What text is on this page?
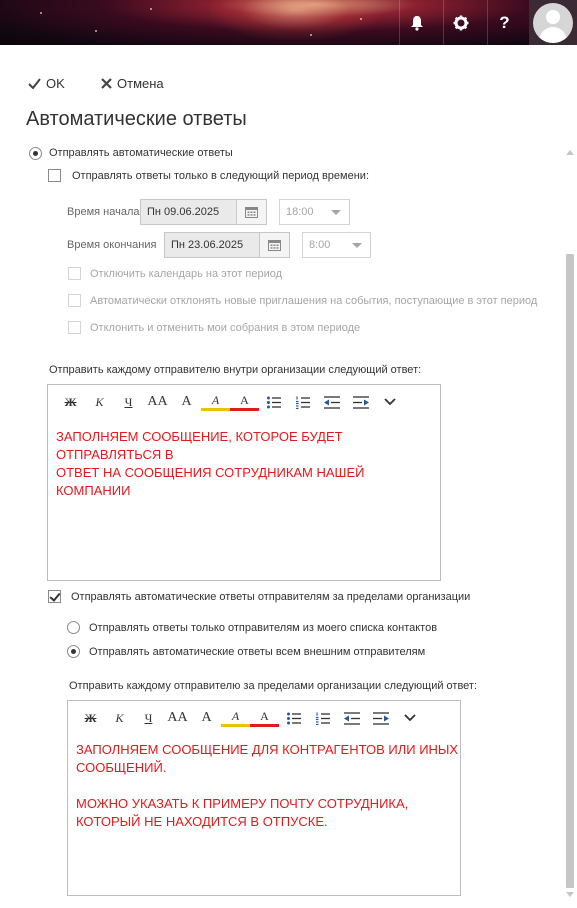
?
OK	Отмена
Автоматические ответы
Отправлять автоматические ответы
Отправлять ответы только в следующий период времени:
Время начала Пн 09.06.2025	18:00
Время окончания Пн 23.06.2025	8:00
Отключить календарь на этот период
Автоматически отклонять новые приглашения на события, поступающие в этот период
Отклонить и отменить мои собрания в этом периоде
Отправить каждому отправителю внутри организации следующий ответ:
Ж	К	Ч	AA A	A	A

ЗАПОЛНЯЕМ СООБЩЕНИЕ, КОТОРОЕ БУДЕТ ОТПРАВЛЯТЬСЯ В

ОТВЕТ НА СООБЩЕНИЯ СОТРУДНИКАМ НАШЕЙ КОМПАНИИ

Отправлять автоматические ответы отправителям за пределами организации
Отправлять ответы только отправителям из моего списка контактов
Отправлять автоматические ответы всем внешним отправителям
Отправить каждому отправителю за пределами организации следующий ответ:
Ж	К	Ч	AA A	A	A

ЗАПОЛНЯЕМ СООБЩЕНИЕ ДЛЯ КОНТРАГЕНТОВ ИЛИ ИНЫХ

СООБЩЕНИЙ.

МОЖНО УКАЗАТЬ К ПРИМЕРУ ПОЧТУ СОТРУДНИКА,

КОТОРЫЙ НЕ НАХОДИТСЯ В ОТПУСКЕ.
